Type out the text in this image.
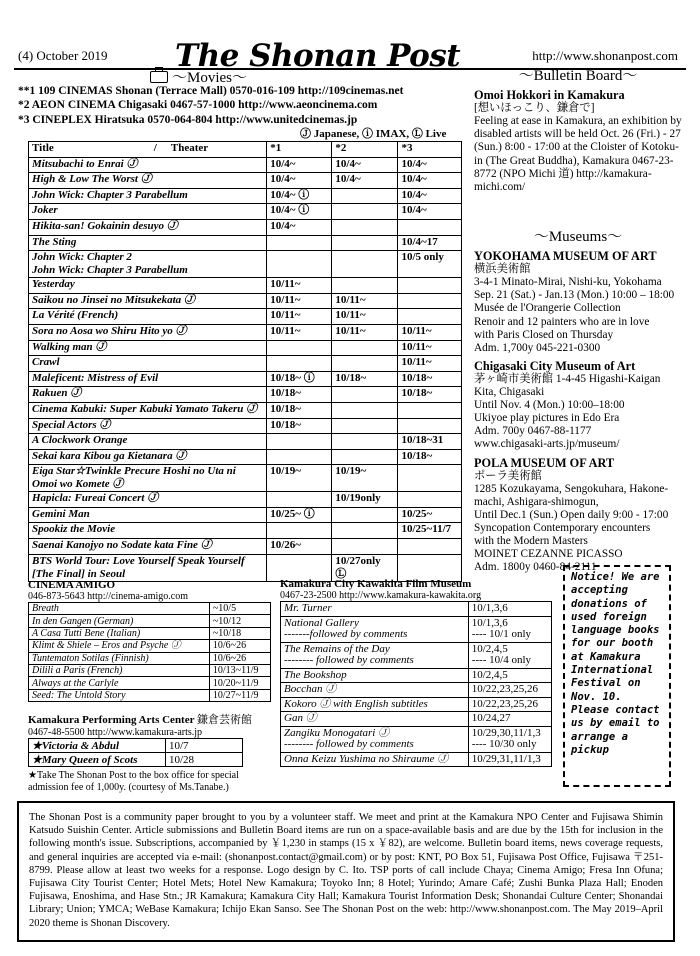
(4) October 2019 The Shonan Post	http://www.shonanpost.com
〜Movies〜
**1 109 CINEMAS Shonan (Terrace Mall) 0570-016-109 http://109cinemas.net
*2 AEON CINEMA Chigasaki 0467-57-1000 http://www.aeoncinema.com
*3 CINEPLEX Hiratsuka 0570-064-804 http://www.unitedcinemas.jp
Ⓙ Japanese, ⓘ IMAX, Ⓛ Live
Title / Theater	*1	*2	*3
Mitsubachi to Enrai Ⓙ	10/4~	10/4~	10/4~
High & Low The Worst Ⓙ	10/4~	10/4~	10/4~
John Wick: Chapter 3 Parabellum	10/4~ ⓘ		10/4~
Joker	10/4~ ⓘ		10/4~
Hikita-san! Gokainin desuyo Ⓙ	10/4~		
The Sting			10/4~17
John Wick: Chapter 2
John Wick: Chapter 3 Parabellum			10/5 only
Yesterday	10/11~		
Saikou no Jinsei no Mitsukekata Ⓙ	10/11~	10/11~	
La Vérité (French)	10/11~	10/11~	
Sora no Aosa wo Shiru Hito yo Ⓙ	10/11~	10/11~	10/11~
Walking man Ⓙ			10/11~
Crawl			10/11~
Maleficent: Mistress of Evil	10/18~ ⓘ	10/18~	10/18~
Rakuen Ⓙ	10/18~		10/18~
Cinema Kabuki: Super Kabuki Yamato Takeru Ⓙ	10/18~		
Special Actors Ⓙ	10/18~		
A Clockwork Orange			10/18~31
Sekai kara Kibou ga Kietanara Ⓙ			10/18~
Eiga Star☆Twinkle Precure Hoshi no Uta ni
Omoi wo Komete Ⓙ	10/19~	10/19~	
Hapicla: Fureai Concert Ⓙ		10/19only	
Gemini Man	10/25~ ⓘ		10/25~
Spookiz the Movie			10/25~11/7
Saenai Kanojyo no Sodate kata Fine Ⓙ	10/26~		
BTS World Tour: Love Yourself Speak Yourself
[The Final] in Seoul		10/27only
Ⓛ	
CINEMA AMIGO
046-873-5643 http://cinema-amigo.com
Breath	~10/5
In den Gangen (German)	~10/12
A Casa Tutti Bene (Italian)	~10/18
Klimt & Shiele – Eros and Psyche Ⓙ	10/6~26
Tuntematon Sotilas (Finnish)	10/6~26
Dilili a Paris (French)	10/13~11/9
Always at the Carlyle	10/20~11/9
Seed: The Untold Story	10/27~11/9
Kamakura Performing Arts Center 鎌倉芸術館
0467-48-5500 http://www.kamakura-arts.jp
★Victoria & Abdul	10/7
★Mary Queen of Scots	10/28
★Take The Shonan Post to the box office for special admission fee of 1,000y. (courtesy of Ms.Tanabe.)
Kamakura City Kawakita Film Museum
0467-23-2500 http://www.kamakura-kawakita.org
Mr. Turner	10/1,3,6
National Gallery
-------followed by comments	10/1,3,6
---- 10/1 only
The Remains of the Day
-------- followed by comments	10/2,4,5
---- 10/4 only
The Bookshop	10/2,4,5
Bocchan Ⓙ	10/22,23,25,26
Kokoro Ⓙ with English subtitles	10/22,23,25,26
Gan Ⓙ	10/24,27
Zangiku Monogatari Ⓙ
-------- followed by comments	10/29,30,11/1,3
---- 10/30 only
Onna Keizu Yushima no Shiraume Ⓙ	10/29,31,11/1,3
Notice! We are accepting donations of used foreign language books for our booth at Kamakura International Festival on Nov. 10. Please contact us by email to arrange a pickup
〜Bulletin Board〜
Omoi Hokkori in Kamakura
[想いほっこり、鎌倉で]
Feeling at ease in Kamakura, an exhibition by disabled artists will be held Oct. 26 (Fri.) - 27 (Sun.) 8:00 - 17:00 at the Cloister of Kotoku-in (The Great Buddha), Kamakura 0467-23-8772 (NPO Michi 道) http://kamakura-michi.com/
〜Museums〜
YOKOHAMA MUSEUM OF ART
横浜美術館
3-4-1 Minato-Mirai, Nishi-ku, Yokohama
Sep. 21 (Sat.) - Jan.13 (Mon.) 10:00 – 18:00
Musée de l'Orangerie Collection
Renoir and 12 painters who are in love
with Paris Closed on Thursday
Adm. 1,700y 045-221-0300
Chigasaki City Museum of Art
茅ヶ崎市美術館 1-4-45 Higashi-Kaigan
Kita, Chigasaki
Until Nov. 4 (Mon.) 10:00–18:00
Ukiyoe play pictures in Edo Era
Adm. 700y 0467-88-1177
www.chigasaki-arts.jp/museum/
POLA MUSEUM OF ART
ポーラ美術館
1285 Kozukayama, Sengokuhara, Hakone-
machi, Ashigara-shimogun,
Until Dec.1 (Sun.) Open daily 9:00 - 17:00
Syncopation Contemporary encounters
with the Modern Masters
MOINET CEZANNE PICASSO
Adm. 1800y 0460-84-2111
The Shonan Post is a community paper brought to you by a volunteer staff. We meet and print at the Kamakura NPO Center and Fujisawa Shimin Katsudo Suishin Center. Article submissions and Bulletin Board items are run on a space-available basis and are due by the 15th for inclusion in the following month's issue. Subscriptions, accompanied by ￥1,230 in stamps (15 x ￥82), are welcome. Bulletin board items, news coverage requests, and general inquiries are accepted via e-mail: (shonanpost.contact@gmail.com) or by post: KNT, PO Box 51, Fujisawa Post Office, Fujisawa 〒251-8799. Please allow at least two weeks for a response. Logo design by C. Ito. TSP ports of call include Chaya; Cinema Amigo; Fresa Inn Ofuna; Fujisawa City Tourist Center; Hotel Mets; Hotel New Kamakura; Toyoko Inn; 8 Hotel; Yurindo; Amare Café; Zushi Bunka Plaza Hall; Enoden Fujisawa, Enoshima, and Hase Stn.; JR Kamakura; Kamakura City Hall; Kamakura Tourist Information Desk; Shonandai Culture Center; Shonandai Library; Union; YMCA; WeBase Kamakura; Ichijo Ekan Sanso. See The Shonan Post on the web: http://www.shonanpost.com. The May 2019–April 2020 theme is Shonan Discovery.
